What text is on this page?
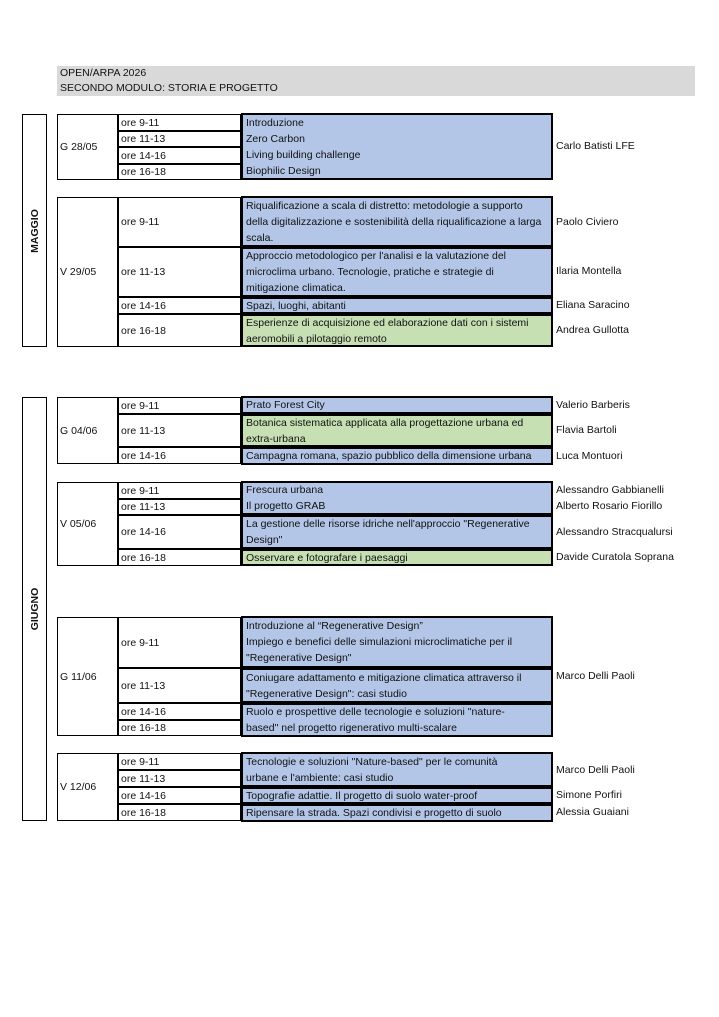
OPEN/ARPA 2026
SECONDO MODULO: STORIA E PROGETTO
MAGGIO
GIUGNO
G 28/05
V 29/05
G 04/06
V 05/06
G 11/06
V 12/06
ore 9-11
ore 11-13
ore 14-16
ore 16-18
ore 9-11
ore 11-13
ore 14-16
ore 16-18
ore 9-11
ore 11-13
ore 14-16
ore 9-11
ore 11-13
ore 14-16
ore 16-18
ore 9-11
ore 11-13
ore 14-16
ore 16-18
ore 9-11
ore 11-13
ore 14-16
ore 16-18
Introduzione
Zero Carbon
Living building challenge
Biophilic Design
Riqualificazione a scala di distretto: metodologie a supporto
della digitalizzazione e sostenibilità della riqualificazione a larga
scala.
Approccio metodologico per l'analisi e la valutazione del
microclima urbano. Tecnologie, pratiche e strategie di
mitigazione climatica.
Spazi, luoghi, abitanti
Esperienze di acquisizione ed elaborazione dati con i sistemi
aeromobili a pilotaggio remoto
Prato Forest City
Botanica sistematica applicata alla progettazione urbana ed
extra-urbana
Campagna romana, spazio pubblico della dimensione urbana
Frescura urbana
Il progetto GRAB
La gestione delle risorse idriche nell'approccio "Regenerative
Design"
Osservare e fotografare i paesaggi
Introduzione al “Regenerative Design”
Impiego e benefici delle simulazioni microclimatiche per il
"Regenerative Design"
Coniugare adattamento e mitigazione climatica attraverso il
"Regenerative Design": casi studio
Ruolo e prospettive delle tecnologie e soluzioni "nature-
based" nel progetto rigenerativo multi-scalare
Tecnologie e soluzioni "Nature-based" per le comunità
urbane e l'ambiente: casi studio
Topografie adattie. Il progetto di suolo water-proof
Ripensare la strada. Spazi condivisi e progetto di suolo
Carlo Batisti LFE
Paolo Civiero
Ilaria Montella
Eliana Saracino
Andrea Gullotta
Valerio Barberis
Flavia Bartoli
Luca Montuori
Alessandro Gabbianelli
Alberto Rosario Fiorillo
Alessandro Stracqualursi
Davide Curatola Soprana
Marco Delli Paoli
Marco Delli Paoli
Simone Porfiri
Alessia Guaiani
